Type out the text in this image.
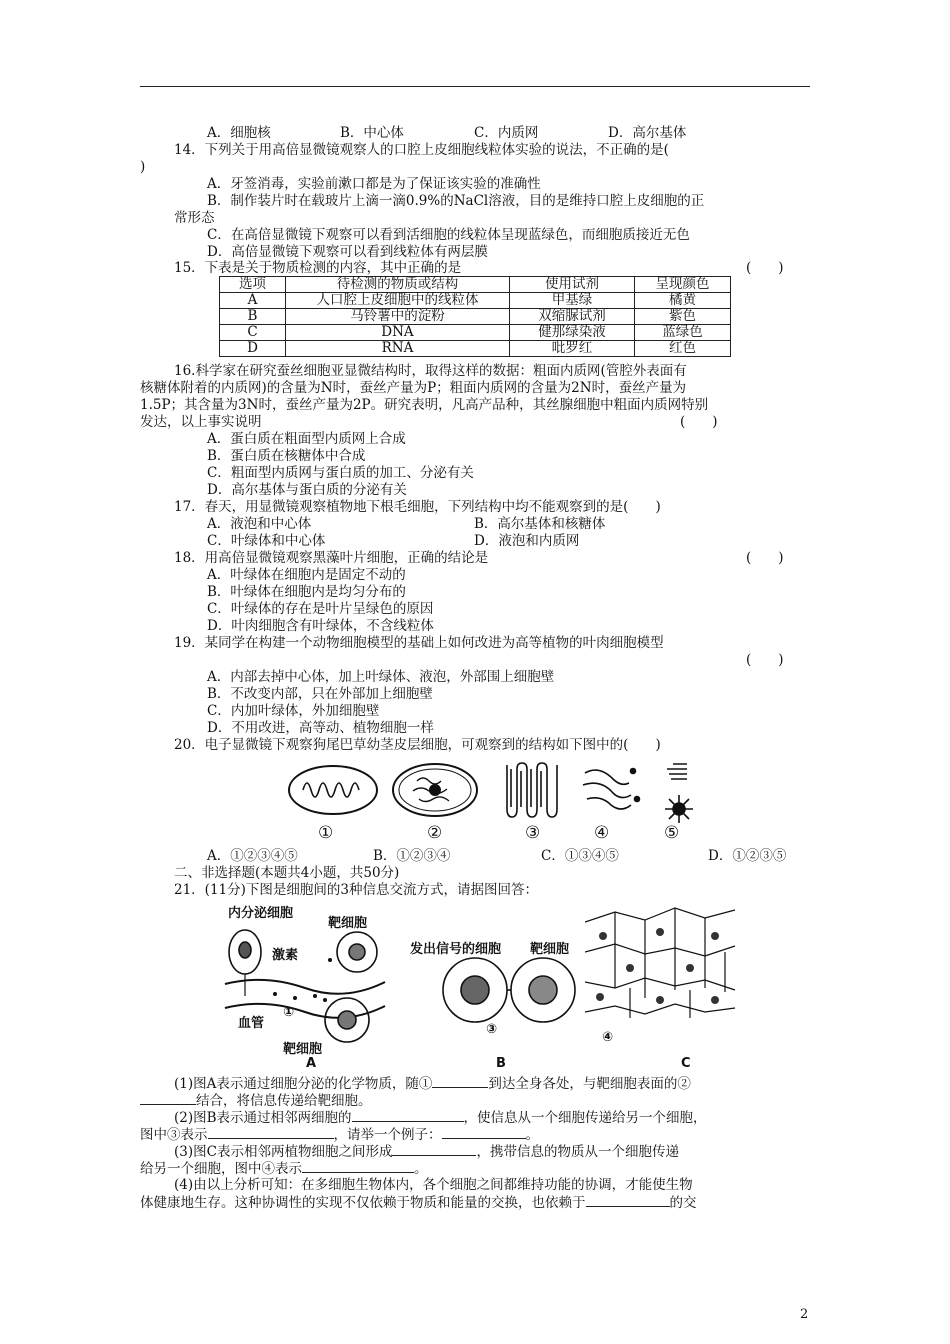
A．细胞核	B．中心体	C．内质网	D．高尔基体
14．下列关于用高倍显微镜观察人的口腔上皮细胞线粒体实验的说法，不正确的是(
)
A．牙签消毒，实验前漱口都是为了保证该实验的准确性
B．制作装片时在载玻片上滴一滴0.9%的NaCl溶液，目的是维持口腔上皮细胞的正
常形态
C．在高倍显微镜下观察可以看到活细胞的线粒体呈现蓝绿色，而细胞质接近无色
D．高倍显微镜下观察可以看到线粒体有两层膜
15．下表是关于物质检测的内容，其中正确的是	(　　)
选项	待检测的物质或结构	使用试剂	呈现颜色
A	人口腔上皮细胞中的线粒体	甲基绿	橘黄
B	马铃薯中的淀粉	双缩脲试剂	紫色
C	DNA	健那绿染液	蓝绿色
D	RNA	吡罗红	红色
16.科学家在研究蚕丝细胞亚显微结构时，取得这样的数据：粗面内质网(管腔外表面有
核糖体附着的内质网)的含量为N时，蚕丝产量为P；粗面内质网的含量为2N时，蚕丝产量为
1.5P；其含量为3N时，蚕丝产量为2P。研究表明，凡高产品种，其丝腺细胞中粗面内质网特别
发达，以上事实说明	(　　)
A．蛋白质在粗面型内质网上合成
B．蛋白质在核糖体中合成
C．粗面型内质网与蛋白质的加工、分泌有关
D．高尔基体与蛋白质的分泌有关
17．春天，用显微镜观察植物地下根毛细胞，下列结构中均不能观察到的是(　　)
A．液泡和中心体	B．高尔基体和核糖体
C．叶绿体和中心体	D．液泡和内质网
18．用高倍显微镜观察黑藻叶片细胞，正确的结论是	(　　)
A．叶绿体在细胞内是固定不动的
B．叶绿体在细胞内是均匀分布的
C．叶绿体的存在是叶片呈绿色的原因
D．叶肉细胞含有叶绿体，不含线粒体
19．某同学在构建一个动物细胞模型的基础上如何改进为高等植物的叶肉细胞模型
(　　)
A．内部去掉中心体，加上叶绿体、液泡，外部围上细胞壁
B．不改变内部，只在外部加上细胞壁
C．内加叶绿体，外加细胞壁
D．不用改进，高等动、植物细胞一样
20．电子显微镜下观察狗尾巴草幼茎皮层细胞，可观察到的结构如下图中的(　　)
①	②	③	④	⑤
A．①②③④⑤	B．①②③④	C．①③④⑤	D．①②③⑤
二、非选择题(本题共4小题，共50分)
21．(11分)下图是细胞间的3种信息交流方式，请据图回答：
内分泌细胞
靶细胞
激素
血管
①
靶细胞
A
发出信号的细胞 靶细胞
③
B
④
C
(1)图A表示通过细胞分泌的化学物质，随①	到达全身各处，与靶细胞表面的②
结合，将信息传递给靶细胞。
(2)图B表示通过相邻两细胞的	，使信息从一个细胞传递给另一个细胞，
图中③表示	，请举一个例子：	。
(3)图C表示相邻两植物细胞之间形成	，携带信息的物质从一个细胞传递
给另一个细胞，图中④表示	。
(4)由以上分析可知：在多细胞生物体内，各个细胞之间都维持功能的协调，才能使生物
体健康地生存。这种协调性的实现不仅依赖于物质和能量的交换，也依赖于	的交
2
